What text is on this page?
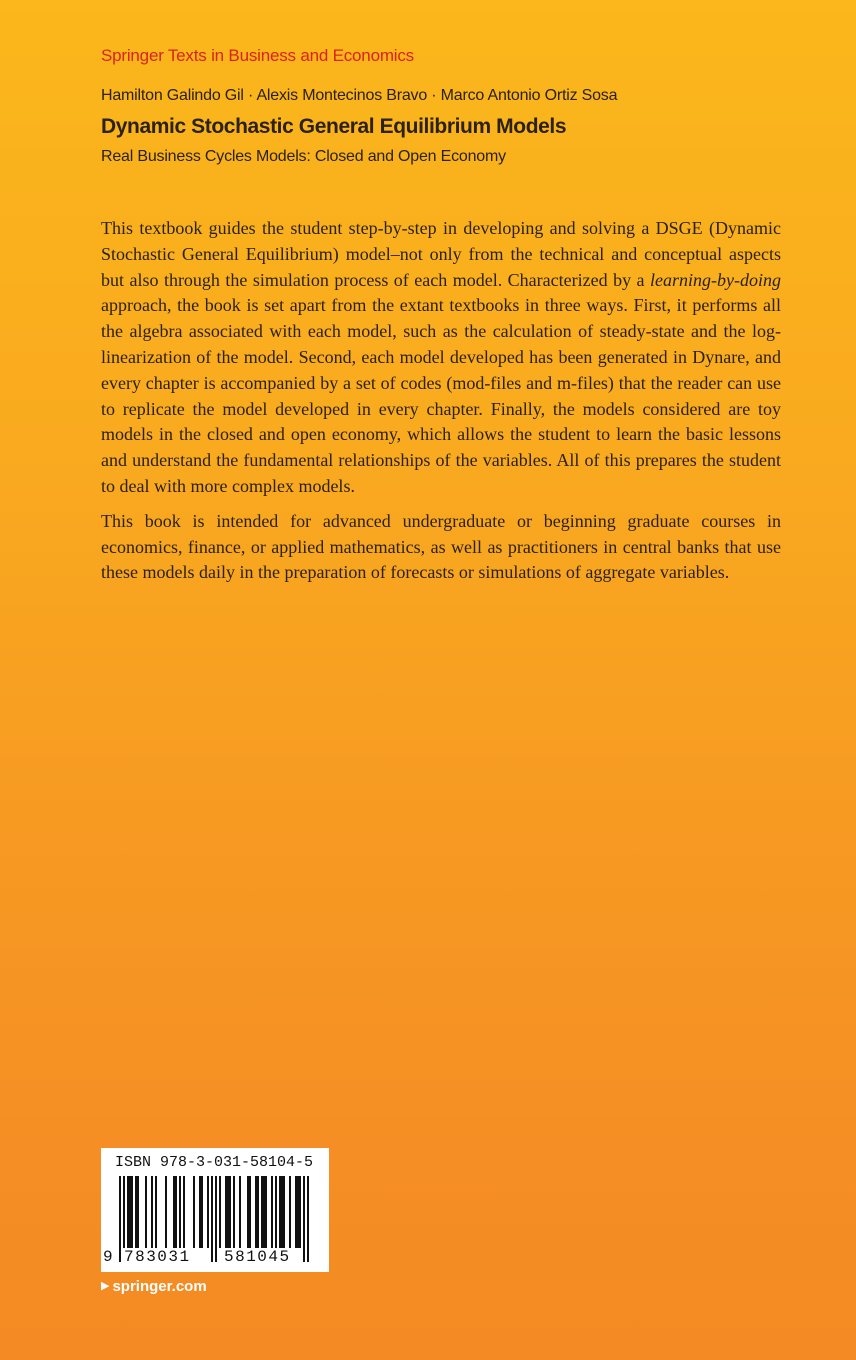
Springer Texts in Business and Economics
Hamilton Galindo Gil · Alexis Montecinos Bravo · Marco Antonio Ortiz Sosa
Dynamic Stochastic General Equilibrium Models
Real Business Cycles Models: Closed and Open Economy

This textbook guides the student step-by-step in developing and solving a DSGE (Dynamic Stochastic General Equilibrium) model–not only from the technical and conceptual aspects but also through the simulation process of each model. Characterized by a learning-by-doing approach, the book is set apart from the extant textbooks in three ways. First, it performs all the algebra associated with each model, such as the calculation of steady-state and the log-linearization of the model. Second, each model developed has been generated in Dynare, and every chapter is accompanied by a set of codes (mod-files and m-files) that the reader can use to replicate the model developed in every chapter. Finally, the models considered are toy models in the closed and open economy, which allows the student to learn the basic lessons and understand the fundamental relationships of the variables. All of this prepares the student to deal with more complex models.

This book is intended for advanced undergraduate or beginning graduate courses in economics, finance, or applied mathematics, as well as practitioners in central banks that use these models daily in the preparation of forecasts or simulations of aggregate variables.

ISBN 978-3-031-58104-5
9 783031 581045
▶ springer.com
